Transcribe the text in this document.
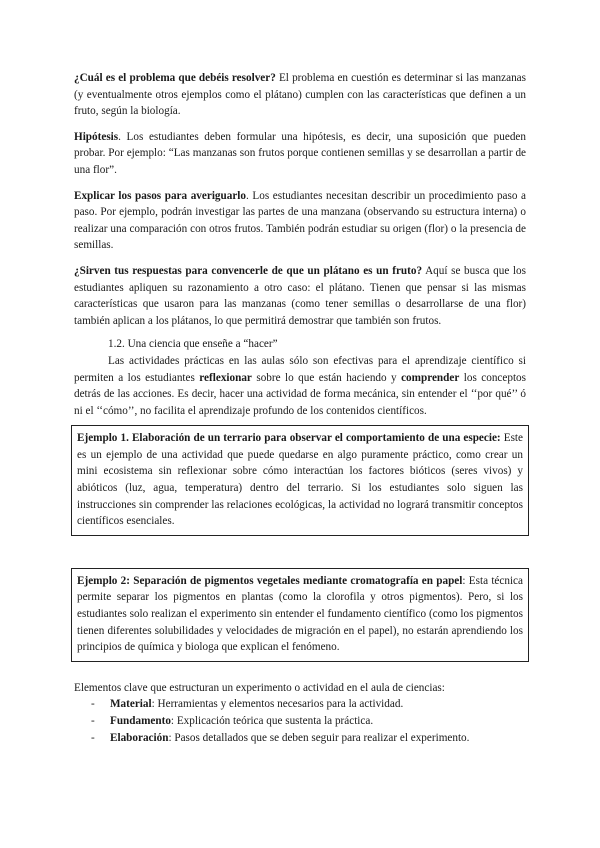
¿Cuál es el problema que debéis resolver? El problema en cuestión es determinar si las manzanas (y eventualmente otros ejemplos como el plátano) cumplen con las características que definen a un fruto, según la biología.

Hipótesis. Los estudiantes deben formular una hipótesis, es decir, una suposición que pueden probar. Por ejemplo: “Las manzanas son frutos porque contienen semillas y se desarrollan a partir de una flor”.

Explicar los pasos para averiguarlo. Los estudiantes necesitan describir un procedimiento paso a paso. Por ejemplo, podrán investigar las partes de una manzana (observando su estructura interna) o realizar una comparación con otros frutos. También podrán estudiar su origen (flor) o la presencia de semillas.

¿Sirven tus respuestas para convencerle de que un plátano es un fruto? Aquí se busca que los estudiantes apliquen su razonamiento a otro caso: el plátano. Tienen que pensar si las mismas características que usaron para las manzanas (como tener semillas o desarrollarse de una flor) también aplican a los plátanos, lo que permitirá demostrar que también son frutos.

1.2. Una ciencia que enseñe a “hacer”

Las actividades prácticas en las aulas sólo son efectivas para el aprendizaje científico si permiten a los estudiantes reflexionar sobre lo que están haciendo y comprender los conceptos detrás de las acciones. Es decir, hacer una actividad de forma mecánica, sin entender el ‘‘por qué’’ ó ni el ‘‘cómo’’, no facilita el aprendizaje profundo de los contenidos científicos.

Ejemplo 1. Elaboración de un terrario para observar el comportamiento de una especie: Este es un ejemplo de una actividad que puede quedarse en algo puramente práctico, como crear un mini ecosistema sin reflexionar sobre cómo interactúan los factores bióticos (seres vivos) y abióticos (luz, agua, temperatura) dentro del terrario. Si los estudiantes solo siguen las instrucciones sin comprender las relaciones ecológicas, la actividad no logrará transmitir conceptos científicos esenciales.

Ejemplo 2: Separación de pigmentos vegetales mediante cromatografía en papel: Esta técnica permite separar los pigmentos en plantas (como la clorofila y otros pigmentos). Pero, si los estudiantes solo realizan el experimento sin entender el fundamento científico (como los pigmentos tienen diferentes solubilidades y velocidades de migración en el papel), no estarán aprendiendo los principios de química y biologa que explican el fenómeno.

Elementos clave que estructuran un experimento o actividad en el aula de ciencias:

- Material: Herramientas y elementos necesarios para la actividad.
- Fundamento: Explicación teórica que sustenta la práctica.
- Elaboración: Pasos detallados que se deben seguir para realizar el experimento.
